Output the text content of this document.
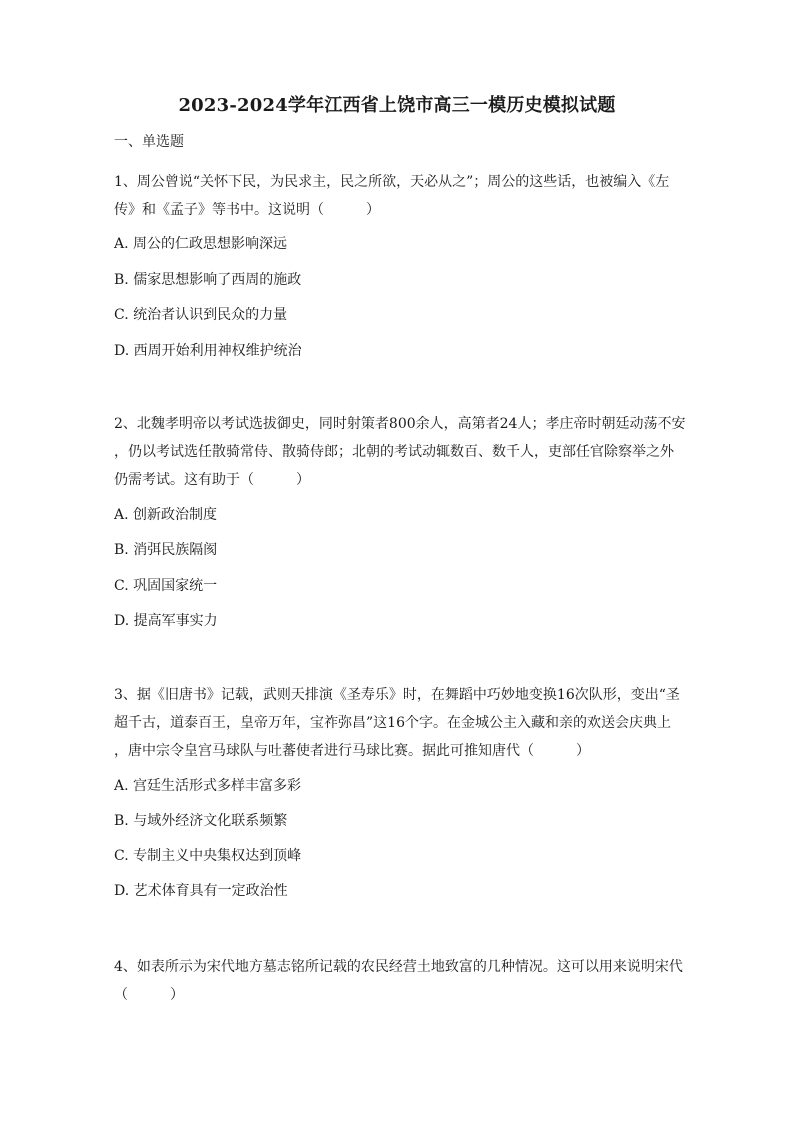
2023-2024学年江西省上饶市高三一模历史模拟试题
一、单选题
1、周公曾说“关怀下民，为民求主，民之所欲，天必从之”；周公的这些话，也被编入《左
传》和《孟子》等书中。这说明（　　　）
A. 周公的仁政思想影响深远
B. 儒家思想影响了西周的施政
C. 统治者认识到民众的力量
D. 西周开始利用神权维护统治
2、北魏孝明帝以考试选拔御史，同时射策者800余人，高第者24人；孝庄帝时朝廷动荡不安
，仍以考试选任散骑常侍、散骑侍郎；北朝的考试动辄数百、数千人，吏部任官除察举之外
仍需考试。这有助于（　　　）
A. 创新政治制度
B. 消弭民族隔阂
C. 巩固国家统一
D. 提高军事实力
3、据《旧唐书》记载，武则天排演《圣寿乐》时，在舞蹈中巧妙地变换16次队形，变出“圣
超千古，道泰百王，皇帝万年，宝祚弥昌”这16个字。在金城公主入藏和亲的欢送会庆典上
，唐中宗令皇宫马球队与吐蕃使者进行马球比赛。据此可推知唐代（　　　）
A. 宫廷生活形式多样丰富多彩
B. 与域外经济文化联系频繁
C. 专制主义中央集权达到顶峰
D. 艺术体育具有一定政治性
4、如表所示为宋代地方墓志铭所记载的农民经营土地致富的几种情况。这可以用来说明宋代
（　　　）
